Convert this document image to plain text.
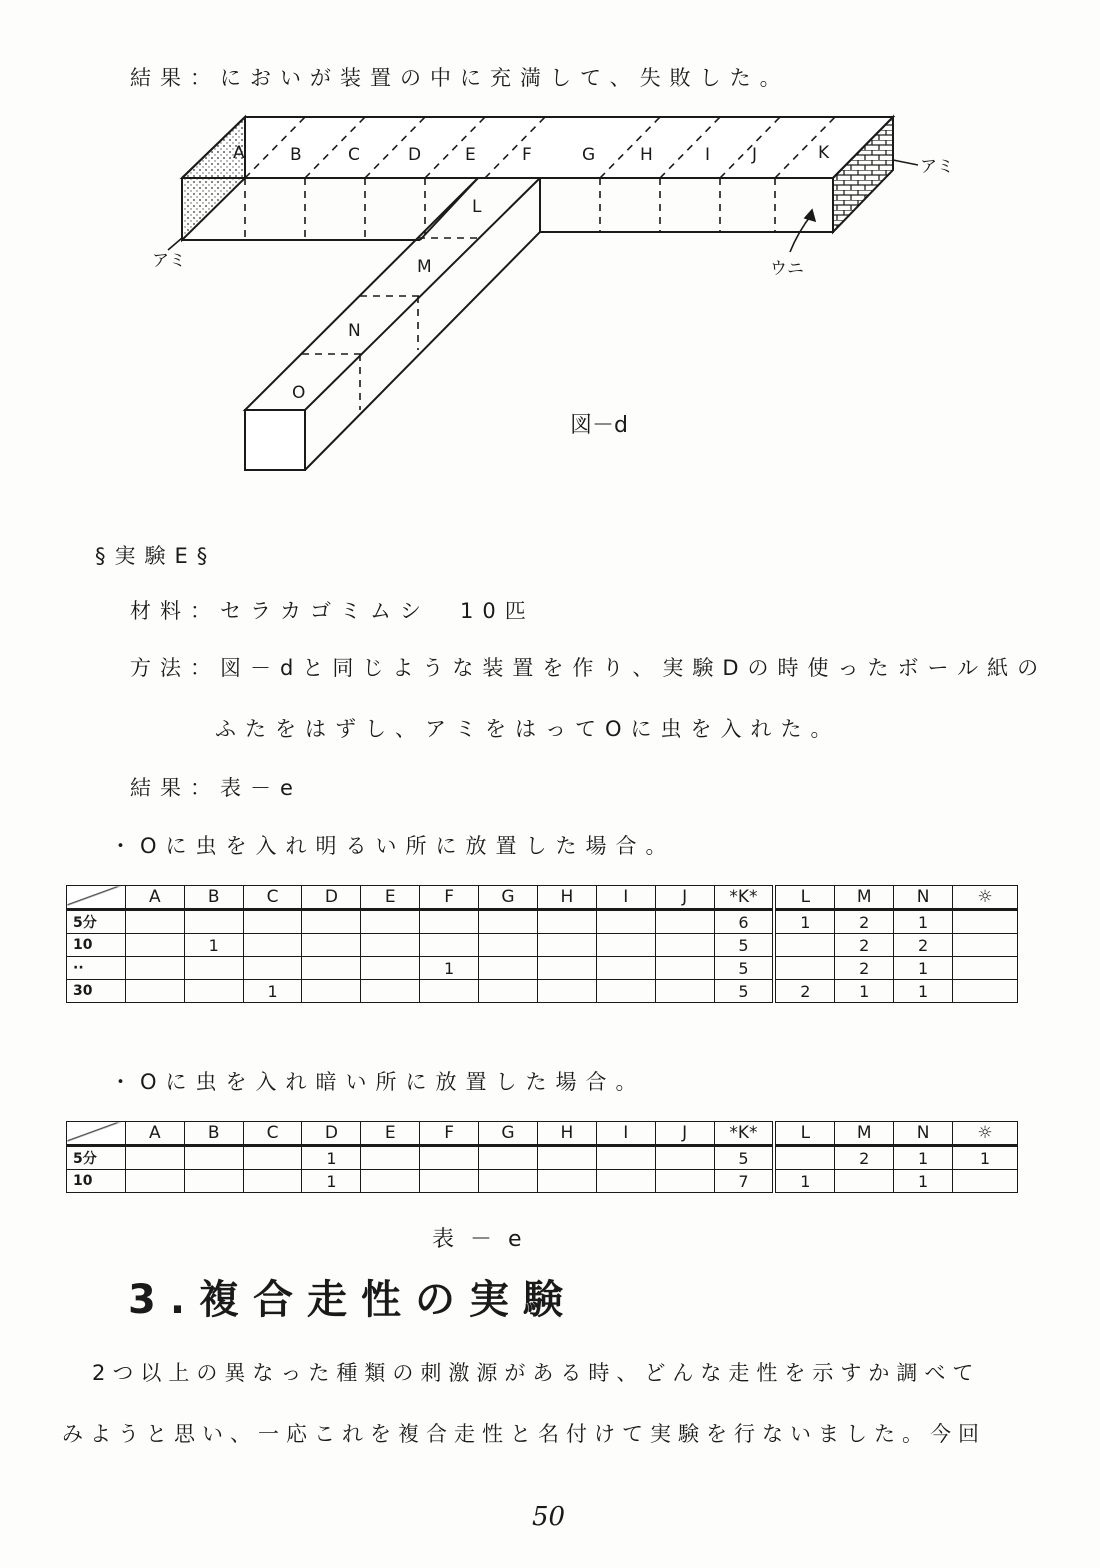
結果：においが装置の中に充満して、失敗した。
A	B	C	D	E	F	G	H	I J	K
L
M
N
O
アミ
アミ	ウニ
図－d
§実験E§
材料：セラカゴミムシ　10匹
方法：図－dと同じような装置を作り、実験Dの時使ったボール紙の
ふたをはずし、アミをはってOに虫を入れた。
結果：表－e
・Oに虫を入れ明るい所に放置した場合。
	A	B	C	D	E	F	G	H	I	J	*K*	L	M	N	☼
5分											6	1	2	1	
10		1									5		2	2	
··						1					5		2	1	
30			1								5	2	1	1	
・Oに虫を入れ暗い所に放置した場合。
	A	B	C	D	E	F	G	H	I	J	*K*	L	M	N	☼
5分				1							5		2	1	1
10				1							7	1		1	
表－e
3.複合走性の実験
2つ以上の異なった種類の刺激源がある時、どんな走性を示すか調べて
みようと思い、一応これを複合走性と名付けて実験を行ないました。今回
50
